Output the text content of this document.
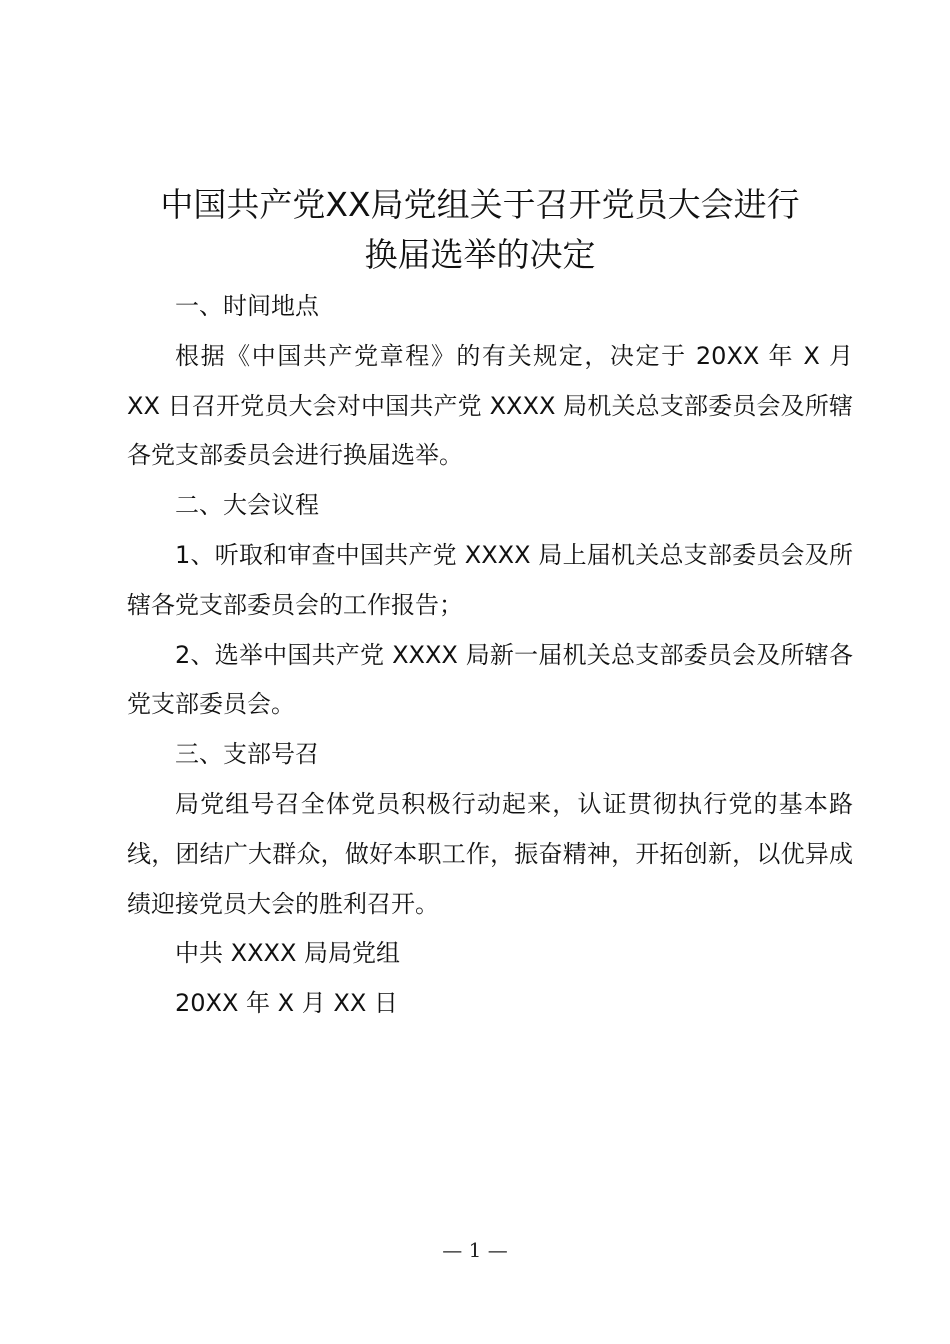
中国共产党XX局党组关于召开党员大会进行
换届选举的决定

一、时间地点

根据《中国共产党章程》的有关规定，决定于 20XX 年 X 月 XX 日召开党员大会对中国共产党 XXXX 局机关总支部委员会及所辖各党支部委员会进行换届选举。

二、大会议程

1、听取和审查中国共产党 XXXX 局上届机关总支部委员会及所辖各党支部委员会的工作报告；

2、选举中国共产党 XXXX 局新一届机关总支部委员会及所辖各党支部委员会。

三、支部号召

局党组号召全体党员积极行动起来，认证贯彻执行党的基本路线，团结广大群众，做好本职工作，振奋精神，开拓创新，以优异成绩迎接党员大会的胜利召开。

中共 XXXX 局局党组

20XX 年 X 月 XX 日

— 1 —
